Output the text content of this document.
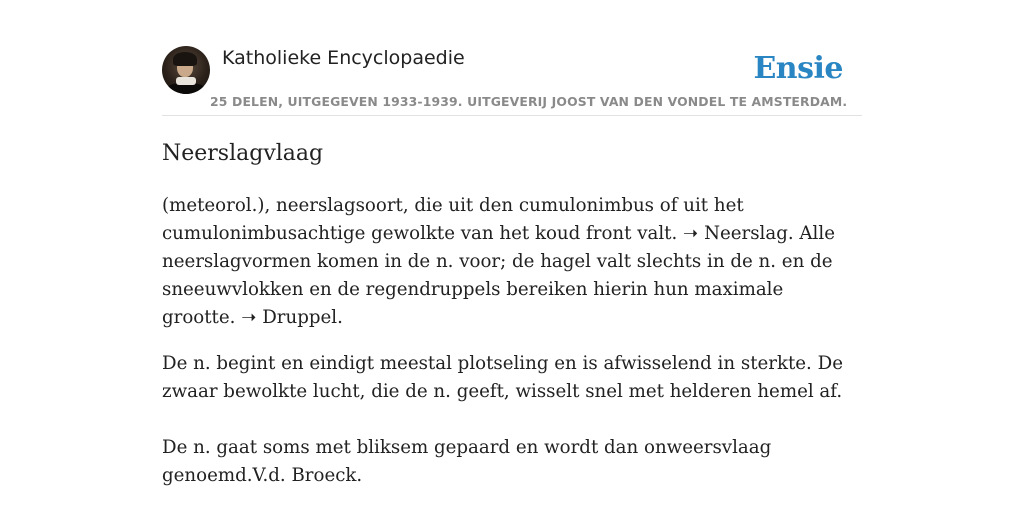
Katholieke Encyclopaedie
25 DELEN, UITGEGEVEN 1933-1939. UITGEVERIJ JOOST VAN DEN VONDEL TE AMSTERDAM.
Ensie
Neerslagvlaag

(meteorol.), neerslagsoort, die uit den cumulonimbus of uit het cumulonimbusachtige gewolkte van het koud front valt. ➝ Neerslag. Alle neerslagvormen komen in de n. voor; de hagel valt slechts in de n. en de sneeuwvlokken en de regendruppels bereiken hierin hun maximale grootte. ➝ Druppel.

De n. begint en eindigt meestal plotseling en is afwisselend in sterkte. De zwaar bewolkte lucht, die de n. geeft, wisselt snel met helderen hemel af.

De n. gaat soms met bliksem gepaard en wordt dan onweersvlaag genoemd.V.d. Broeck.
